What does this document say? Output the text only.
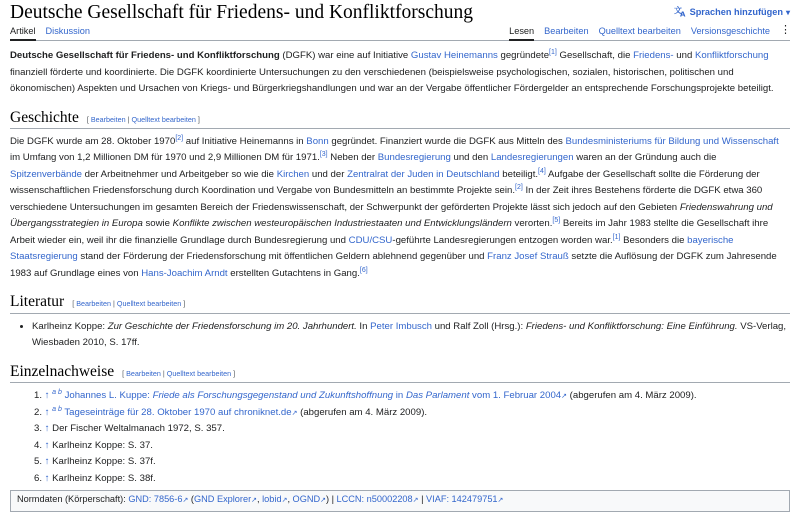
Deutsche Gesellschaft für Friedens- und Konfliktforschung	文
A Sprachen hinzufügen ▾
Artikel Diskussion	Lesen Bearbeiten Quelltext bearbeiten Versionsgeschichte ⋮

Deutsche Gesellschaft für Friedens- und Konfliktforschung (DGFK) war eine auf Initiative Gustav Heinemanns gegründete[1] Gesellschaft, die Friedens- und Konfliktforschung finanziell förderte und koordinierte. Die DGFK koordinierte Untersuchungen zu den verschiedenen (beispielsweise psychologischen, sozialen, historischen, politischen und ökonomischen) Aspekten und Ursachen von Kriegs- und Bürgerkriegshandlungen und war an der Vergabe öffentlicher Fördergelder an entsprechende Forschungsprojekte beteiligt.

Geschichte [ Bearbeiten | Quelltext bearbeiten ]

Die DGFK wurde am 28. Oktober 1970[2] auf Initiative Heinemanns in Bonn gegründet. Finanziert wurde die DGFK aus Mitteln des Bundesministeriums für Bildung und Wissenschaft im Umfang von 1,2 Millionen DM für 1970 und 2,9 Millionen DM für 1971.[3] Neben der Bundesregierung und den Landesregierungen waren an der Gründung auch die Spitzenverbände der Arbeitnehmer und Arbeitgeber so wie die Kirchen und der Zentralrat der Juden in Deutschland beteiligt.[4] Aufgabe der Gesellschaft sollte die Förderung der wissenschaftlichen Friedensforschung durch Koordination und Vergabe von Bundesmitteln an bestimmte Projekte sein.[2] In der Zeit ihres Bestehens förderte die DGFK etwa 360 verschiedene Untersuchungen im gesamten Bereich der Friedenswissenschaft, der Schwerpunkt der geförderten Projekte lässt sich jedoch auf den Gebieten Friedenswahrung und Übergangsstrategien in Europa sowie Konflikte zwischen westeuropäischen Industriestaaten und Entwicklungsländern verorten.[5] Bereits im Jahr 1983 stellte die Gesellschaft ihre Arbeit wieder ein, weil ihr die finanzielle Grundlage durch Bundesregierung und CDU/CSU-geführte Landesregierungen entzogen worden war.[1] Besonders die bayerische Staatsregierung stand der Förderung der Friedensforschung mit öffentlichen Geldern ablehnend gegenüber und Franz Josef Strauß setzte die Auflösung der DGFK zum Jahresende 1983 auf Grundlage eines von Hans-Joachim Arndt erstellten Gutachtens in Gang.[6]

Literatur [ Bearbeiten | Quelltext bearbeiten ]
• Karlheinz Koppe: Zur Geschichte der Friedensforschung im 20. Jahrhundert. In Peter Imbusch und Ralf Zoll (Hrsg.): Friedens- und Konfliktforschung: Eine Einführung. VS-Verlag, Wiesbaden 2010, S. 17ff.
Einzelnachweise [ Bearbeiten | Quelltext bearbeiten ]
1. ↑ $^{a b}$ Johannes L. Kuppe: Friede als Forschungsgegenstand und Zukunftshoffnung in Das Parlament vom 1. Februar 2004↗ (abgerufen am 4. März 2009).
2. ↑ $^{a b}$ Tageseinträge für 28. Oktober 1970 auf chroniknet.de↗ (abgerufen am 4. März 2009).
3. ↑ Der Fischer Weltalmanach 1972, S. 357.
4. ↑ Karlheinz Koppe: S. 37.
5. ↑ Karlheinz Koppe: S. 37f.
6. ↑ Karlheinz Koppe: S. 38f.
Normdaten (Körperschaft): GND: 7856-6↗ (GND Explorer↗, lobid↗, OGND↗) | LCCN: n50002208↗ | VIAF: 142479751↗
